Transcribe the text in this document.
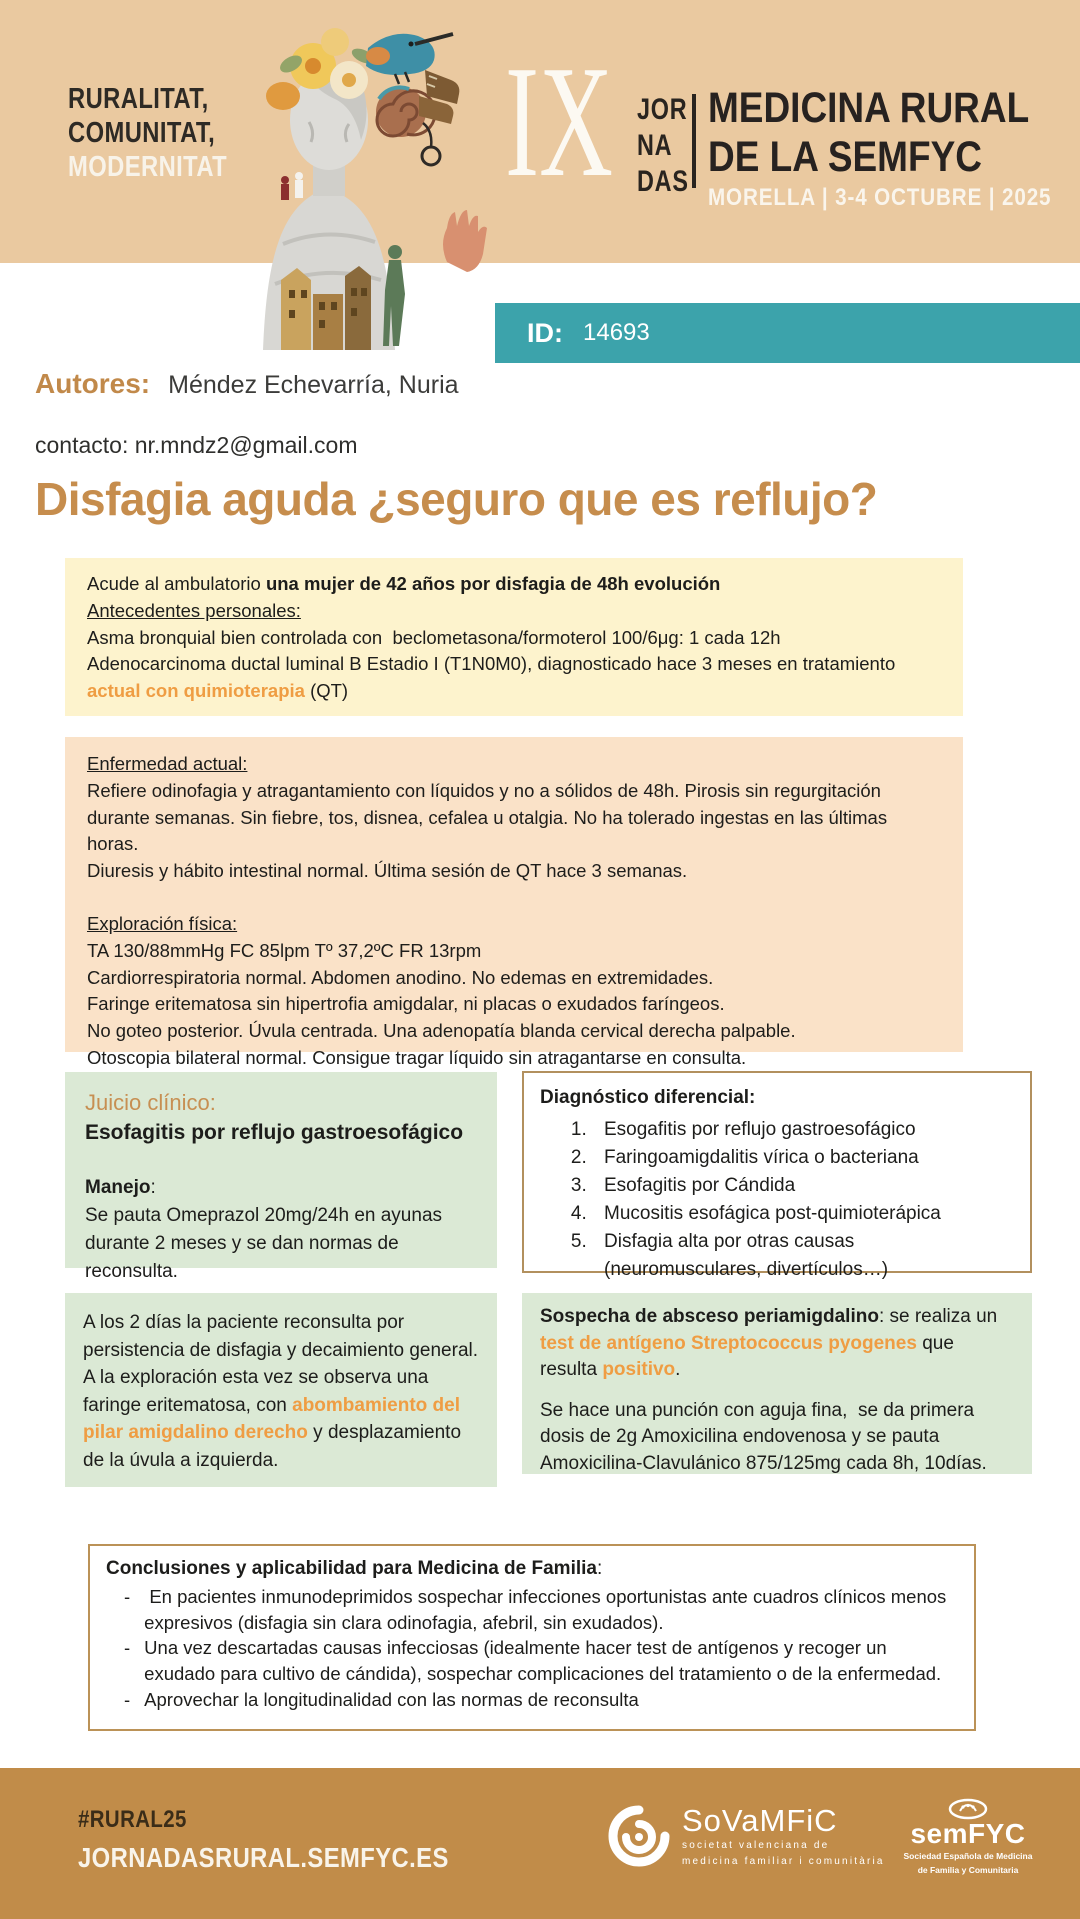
RURALITAT,
COMUNITAT,
MODERNITAT IX JOR
NA
DAS
MEDICINA RURAL
DE LA SEMFYC
MORELLA | 3-4 OCTUBRE | 2025
ID: 14693
Autores: Méndez Echevarría, Nuria
contacto: nr.mndz2@gmail.com
Disfagia aguda ¿seguro que es reflujo?

Acude al ambulatorio una mujer de 42 años por disfagia de 48h evolución

Antecedentes personales:

Asma bronquial bien controlada con  beclometasona/formoterol 100/6μg: 1 cada 12h

Adenocarcinoma ductal luminal B Estadio I (T1N0M0), diagnosticado hace 3 meses en tratamiento actual con quimioterapia (QT)

Enfermedad actual:

Refiere odinofagia y atragantamiento con líquidos y no a sólidos de 48h. Pirosis sin regurgitación durante semanas. Sin fiebre, tos, disnea, cefalea u otalgia. No ha tolerado ingestas en las últimas horas.

Diuresis y hábito intestinal normal. Última sesión de QT hace 3 semanas.

Exploración física:

TA 130/88mmHg FC 85lpm Tº 37,2ºC FR 13rpm

Cardiorrespiratoria normal. Abdomen anodino. No edemas en extremidades.

Faringe eritematosa sin hipertrofia amigdalar, ni placas o exudados faríngeos.

No goteo posterior. Úvula centrada. Una adenopatía blanda cervical derecha palpable.

Otoscopia bilateral normal. Consigue tragar líquido sin atragantarse en consulta.

Juicio clínico:
Esofagitis por reflujo gastroesofágico

Manejo:

Se pauta Omeprazol 20mg/24h en ayunas durante 2 meses y se dan normas de reconsulta.

Diagnóstico diferencial:
1. Esogafitis por reflujo gastroesofágico
2. Faringoamigdalitis vírica o bacteriana
3. Esofagitis por Cándida
4. Mucositis esofágica post-quimioterápica
5. Disfagia alta por otras causas (neuromusculares, divertículos…)

A los 2 días la paciente reconsulta por persistencia de disfagia y decaimiento general. A la exploración esta vez se observa una faringe eritematosa, con abombamiento del pilar amigdalino derecho y desplazamiento de la úvula a izquierda.

Sospecha de absceso periamigdalino: se realiza un test de antígeno Streptococcus pyogenes que resulta positivo.

Se hace una punción con aguja fina,  se da primera dosis de 2g Amoxicilina endovenosa y se pauta Amoxicilina-Clavulánico 875/125mg cada 8h, 10días.

Conclusiones y aplicabilidad para Medicina de Familia:
- En pacientes inmunodeprimidos sospechar infecciones oportunistas ante cuadros clínicos menos expresivos (disfagia sin clara odinofagia, afebril, sin exudados).
- Una vez descartadas causas infecciosas (idealmente hacer test de antígenos y recoger un exudado para cultivo de cándida), sospechar complicaciones del tratamiento o de la enfermedad.
- Aprovechar la longitudinalidad con las normas de reconsulta
#RURAL25
JORNADASRURAL.SEMFYC.ES
SoVaMFiC
societat valenciana de
medicina familiar i comunitària
semFYC
Sociedad Española de Medicina
de Familia y Comunitaria
